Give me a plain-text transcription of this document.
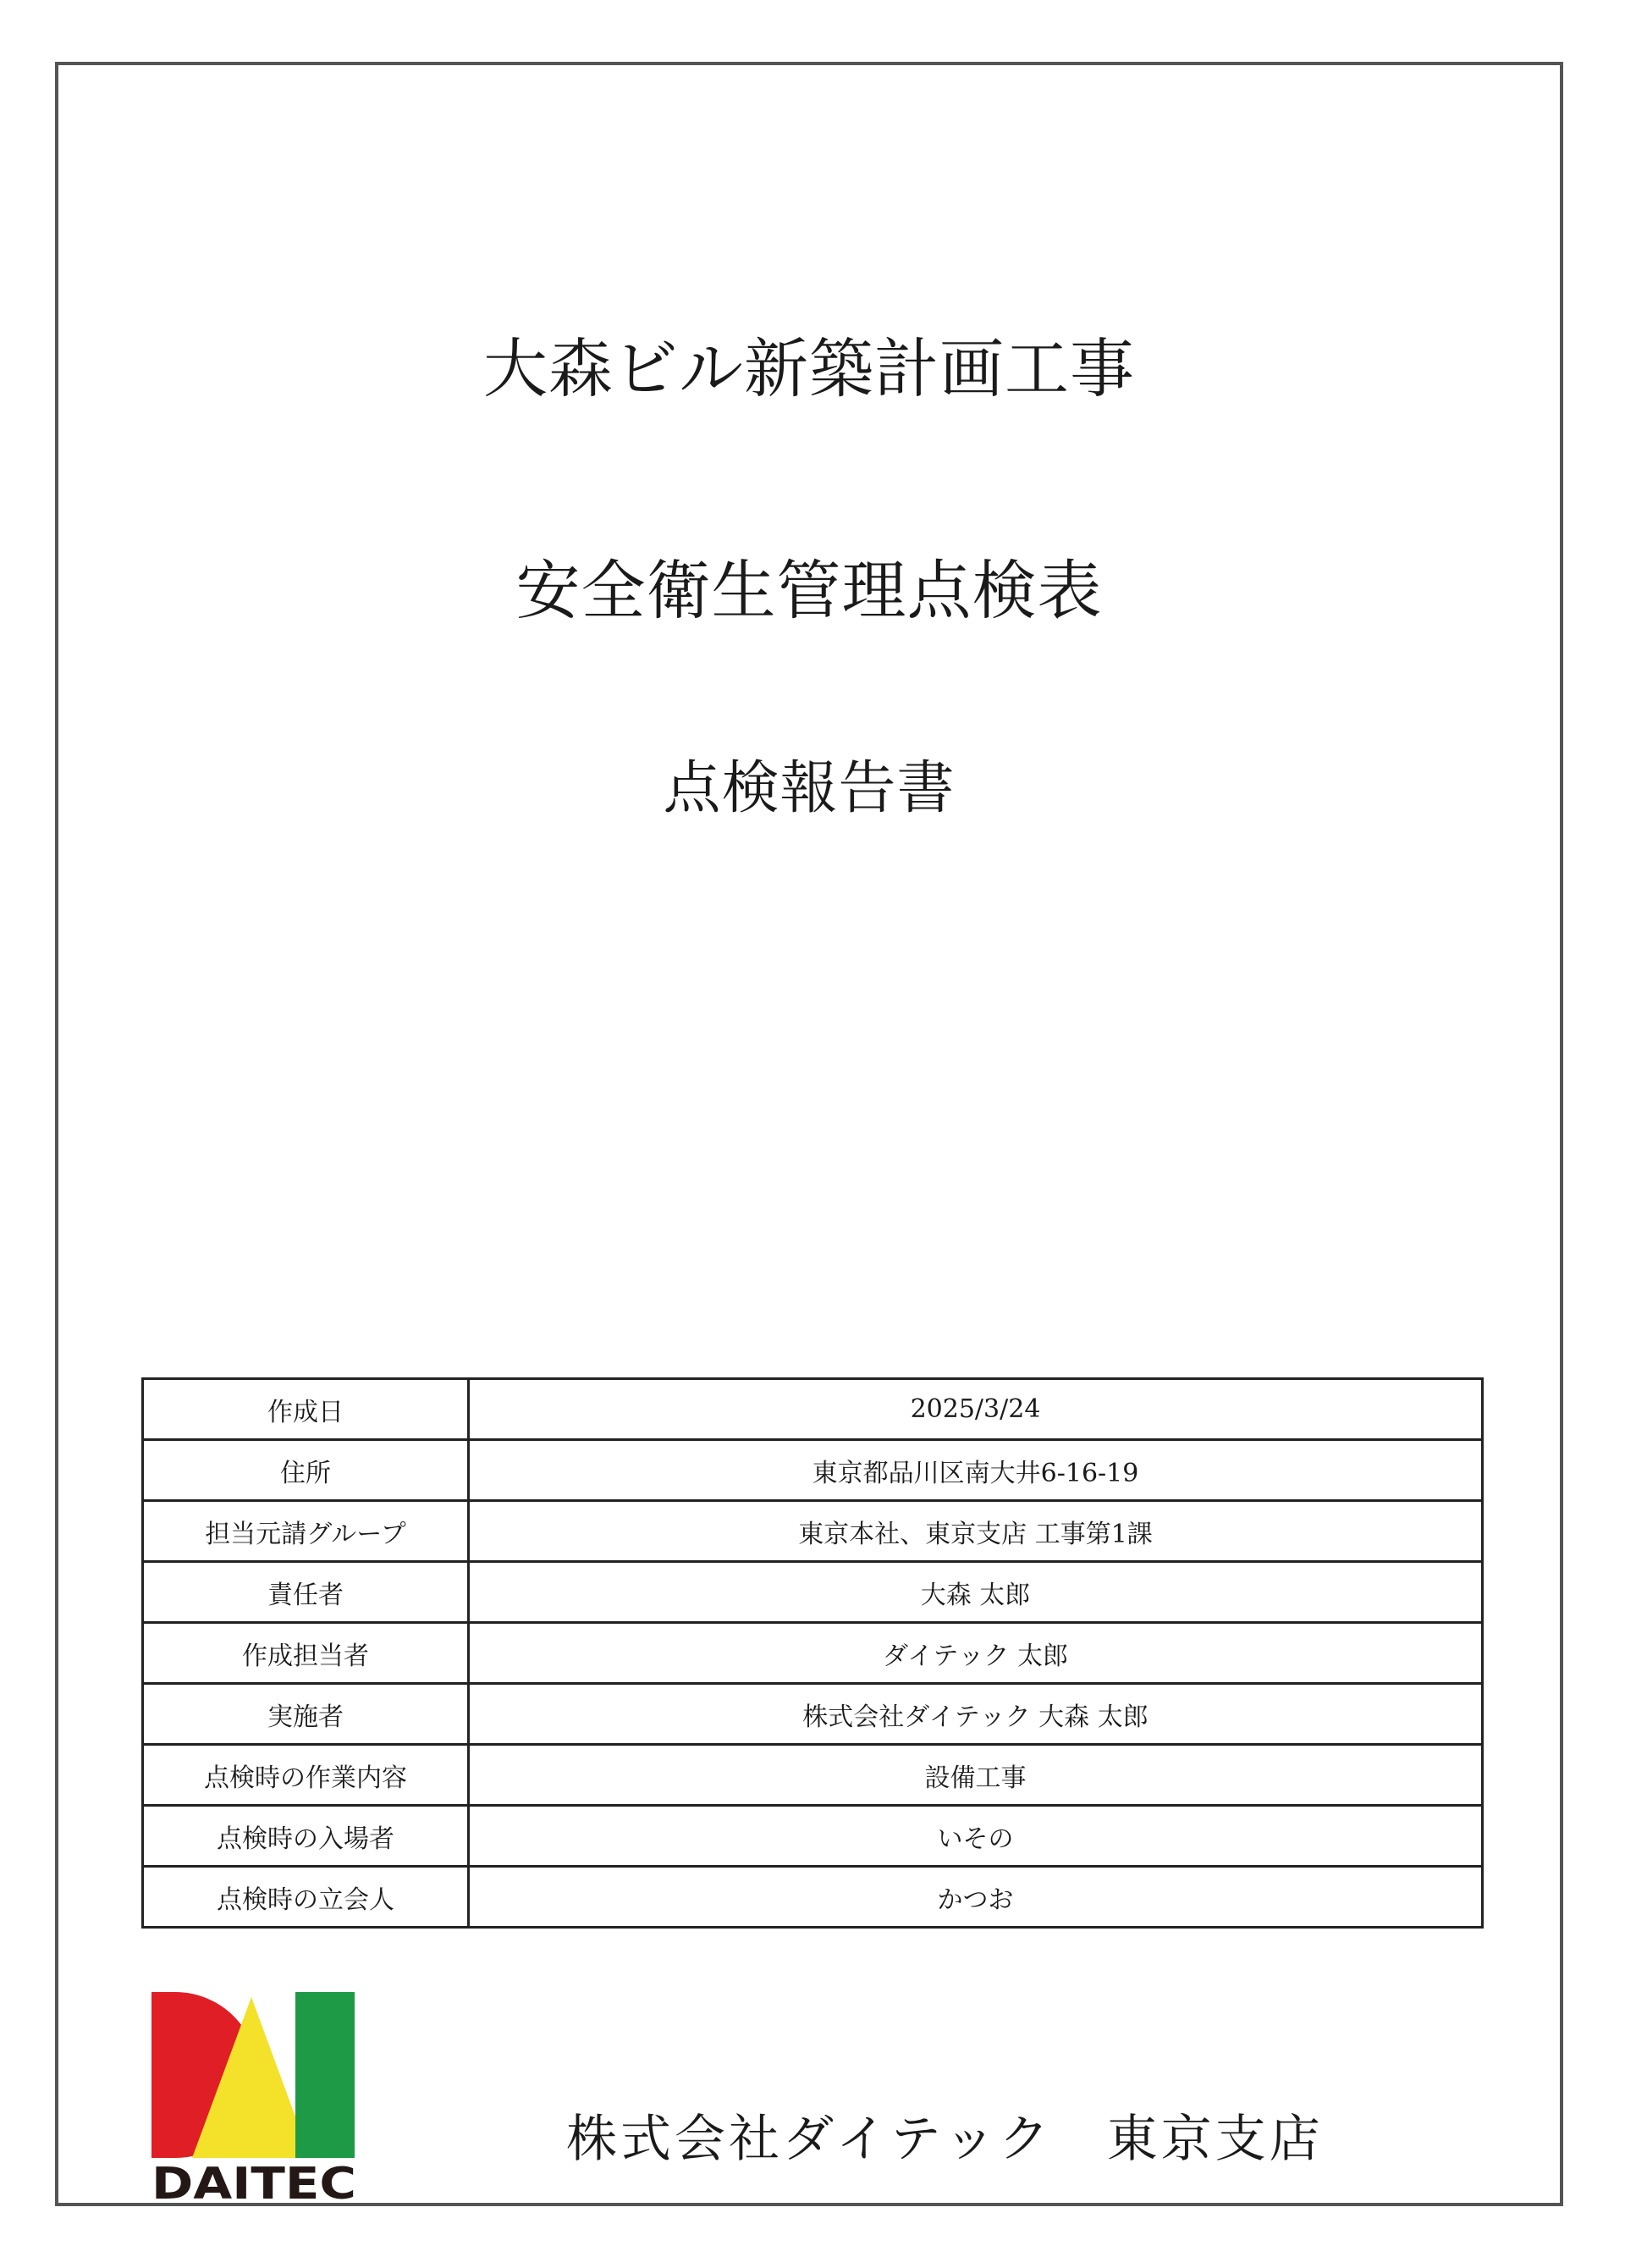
大森ビル新築計画工事
安全衛生管理点検表
点検報告書
作成日	2025/3/24
住所	東京都品川区南大井6-16-19
担当元請グループ	東京本社、東京支店 工事第1課
責任者	大森 太郎
作成担当者	ダイテック 太郎
実施者	株式会社ダイテック 大森 太郎
点検時の作業内容	設備工事
点検時の入場者	いその
点検時の立会人	かつお
DAITEC
株式会社ダイテック　東京支店
